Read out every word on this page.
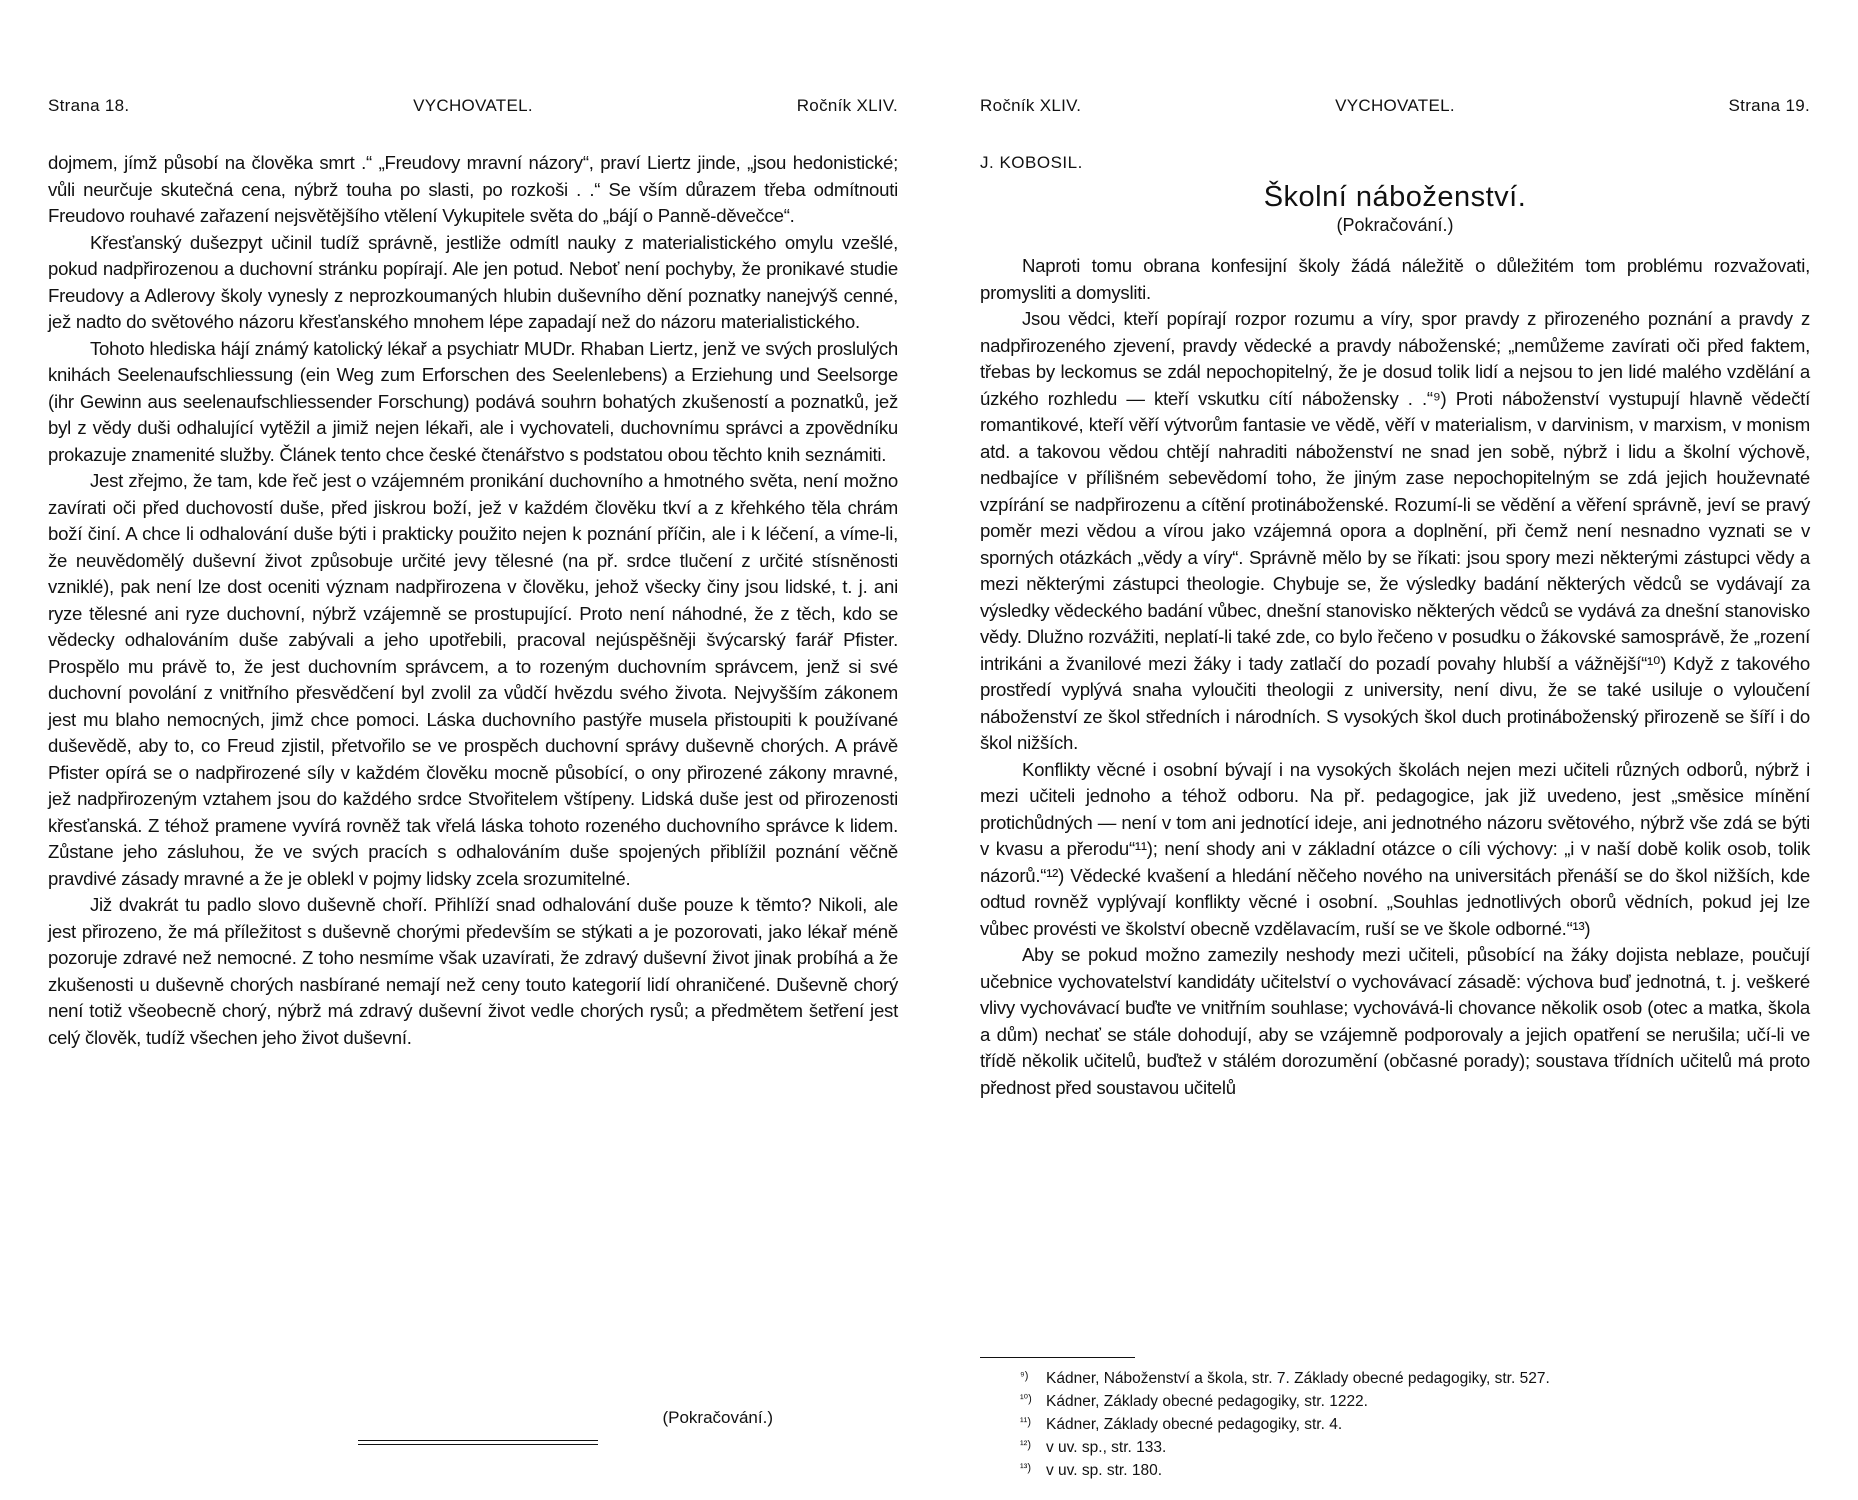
Strana 18.	VYCHOVATEL.	Ročník XLIV.

dojmem, jímž působí na člověka smrt .“ „Freudovy mravní názory“, praví Liertz jinde, „jsou hedonistické; vůli neurčuje skutečná cena, nýbrž touha po slasti, po rozkoši . .“ Se vším důrazem třeba odmítnouti Freudovo rouhavé zařazení nejsvětějšího vtělení Vykupitele světa do „bájí o Panně-děvečce“.

Křesťanský dušezpyt učinil tudíž správně, jestliže odmítl nauky z materialistického omylu vzešlé, pokud nadpřirozenou a duchovní stránku popírají. Ale jen potud. Neboť není pochyby, že pronikavé studie Freudovy a Adlerovy školy vynesly z neprozkoumaných hlubin duševního dění poznatky nanejvýš cenné, jež nadto do světového názoru křesťanského mnohem lépe zapadají než do názoru materialistického.

Tohoto hlediska hájí známý katolický lékař a psychiatr MUDr. Rhaban Liertz, jenž ve svých proslulých knihách Seelenaufschliessung (ein Weg zum Erforschen des Seelenlebens) a Erziehung und Seelsorge (ihr Gewinn aus seelenaufschliessender Forschung) podává souhrn bohatých zkušeností a poznatků, jež byl z vědy duši odhalující vytěžil a jimiž nejen lékaři, ale i vychovateli, duchovnímu správci a zpovědníku prokazuje znamenité služby. Článek tento chce české čtenářstvo s podstatou obou těchto knih seznámiti.

Jest zřejmo, že tam, kde řeč jest o vzájemném pronikání duchovního a hmotného světa, není možno zavírati oči před duchovostí duše, před jiskrou boží, jež v každém člověku tkví a z křehkého těla chrám boží činí. A chce li odhalování duše býti i prakticky použito nejen k poznání příčin, ale i k léčení, a víme-li, že neuvědomělý duševní život způsobuje určité jevy tělesné (na př. srdce tlučení z určité stísněnosti vzniklé), pak není lze dost oceniti význam nadpřirozena v člověku, jehož všecky činy jsou lidské, t. j. ani ryze tělesné ani ryze duchovní, nýbrž vzájemně se prostupující. Proto není náhodné, že z těch, kdo se vědecky odhalováním duše zabývali a jeho upotřebili, pracoval nejúspěšněji švýcarský farář Pfister. Prospělo mu právě to, že jest duchovním správcem, a to rozeným duchovním správcem, jenž si své duchovní povolání z vnitřního přesvědčení byl zvolil za vůdčí hvězdu svého života. Nejvyšším zákonem jest mu blaho nemocných, jimž chce pomoci. Láska duchovního pastýře musela přistoupiti k používané duševědě, aby to, co Freud zjistil, přetvořilo se ve prospěch duchovní správy duševně chorých. A právě Pfister opírá se o nadpřirozené síly v každém člověku mocně působící, o ony přirozené zákony mravné, jež nadpřirozeným vztahem jsou do každého srdce Stvořitelem vštípeny. Lidská duše jest od přirozenosti křesťanská. Z téhož pramene vyvírá rovněž tak vřelá láska tohoto rozeného duchovního správce k lidem. Zůstane jeho zásluhou, že ve svých pracích s odhalováním duše spojených přiblížil poznání věčně pravdivé zásady mravné a že je oblekl v pojmy lidsky zcela srozumitelné.

Již dvakrát tu padlo slovo duševně choří. Přihlíží snad odhalování duše pouze k těmto? Nikoli, ale jest přirozeno, že má příležitost s duševně chorými především se stýkati a je pozorovati, jako lékař méně pozoruje zdravé než nemocné. Z toho nesmíme však uzavírati, že zdravý duševní život jinak probíhá a že zkušenosti u duševně chorých nasbírané nemají než ceny touto kategorií lidí ohraničené. Duševně chorý není totiž všeobecně chorý, nýbrž má zdravý duševní život vedle chorých rysů; a předmětem šetření jest celý člověk, tudíž všechen jeho život duševní.

(Pokračování.)
Ročník XLIV.	VYCHOVATEL.	Strana 19.
J. KOBOSIL.
Školní náboženství.
(Pokračování.)

Naproti tomu obrana konfesijní školy žádá náležitě o důležitém tom problému rozvažovati, promysliti a domysliti.

Jsou vědci, kteří popírají rozpor rozumu a víry, spor pravdy z přirozeného poznání a pravdy z nadpřirozeného zjevení, pravdy vědecké a pravdy náboženské; „nemůžeme zavírati oči před faktem, třebas by leckomus se zdál nepochopitelný, že je dosud tolik lidí a nejsou to jen lidé malého vzdělání a úzkého rozhledu — kteří vskutku cítí nábožensky . .“⁹) Proti náboženství vystupují hlavně vědečtí romantikové, kteří věří výtvorům fantasie ve vědě, věří v materialism, v darvinism, v marxism, v monism atd. a takovou vědou chtějí nahraditi náboženství ne snad jen sobě, nýbrž i lidu a školní výchově, nedbajíce v přílišném sebevědomí toho, že jiným zase nepochopitelným se zdá jejich houževnaté vzpírání se nadpřirozenu a cítění protináboženské. Rozumí-li se vědění a věření správně, jeví se pravý poměr mezi vědou a vírou jako vzájemná opora a doplnění, při čemž není nesnadno vyznati se v sporných otázkách „vědy a víry“. Správně mělo by se říkati: jsou spory mezi některými zástupci vědy a mezi některými zástupci theologie. Chybuje se, že výsledky badání některých vědců se vydávají za výsledky vědeckého badání vůbec, dnešní stanovisko některých vědců se vydává za dnešní stanovisko vědy. Dlužno rozvážiti, neplatí-li také zde, co bylo řečeno v posudku o žákovské samosprávě, že „rození intrikáni a žvanilové mezi žáky i tady zatlačí do pozadí povahy hlubší a vážnější“¹⁰) Když z takového prostředí vyplývá snaha vyloučiti theologii z university, není divu, že se také usiluje o vyloučení náboženství ze škol středních i národních. S vysokých škol duch protináboženský přirozeně se šíří i do škol nižších.

Konflikty věcné i osobní bývají i na vysokých školách nejen mezi učiteli různých odborů, nýbrž i mezi učiteli jednoho a téhož odboru. Na př. pedagogice, jak již uvedeno, jest „směsice mínění protichůdných — není v tom ani jednotící ideje, ani jednotného názoru světového, nýbrž vše zdá se býti v kvasu a přerodu“¹¹); není shody ani v základní otázce o cíli výchovy: „i v naší době kolik osob, tolik názorů.“¹²) Vědecké kvašení a hledání něčeho nového na universitách přenáší se do škol nižších, kde odtud rovněž vyplývají konflikty věcné i osobní. „Souhlas jednotlivých oborů vědních, pokud jej lze vůbec provésti ve školství obecně vzdělavacím, ruší se ve škole odborné.“¹³)

Aby se pokud možno zamezily neshody mezi učiteli, působící na žáky dojista neblaze, poučují učebnice vychovatelství kandidáty učitelství o vychovávací zásadě: výchova buď jednotná, t. j. veškeré vlivy vychovávací buďte ve vnitřním souhlase; vychovává-li chovance několik osob (otec a matka, škola a dům) nechať se stále dohodují, aby se vzájemně podporovaly a jejich opatření se nerušila; učí-li ve třídě několik učitelů, buďtež v stálém dorozumění (občasné porady); soustava třídních učitelů má proto přednost před soustavou učitelů

⁹) Kádner, Náboženství a škola, str. 7. Základy obecné pedagogiky, str. 527.
¹⁰) Kádner, Základy obecné pedagogiky, str. 1222.
¹¹) Kádner, Základy obecné pedagogiky, str. 4.
¹²) v uv. sp., str. 133.
¹³) v uv. sp. str. 180.
